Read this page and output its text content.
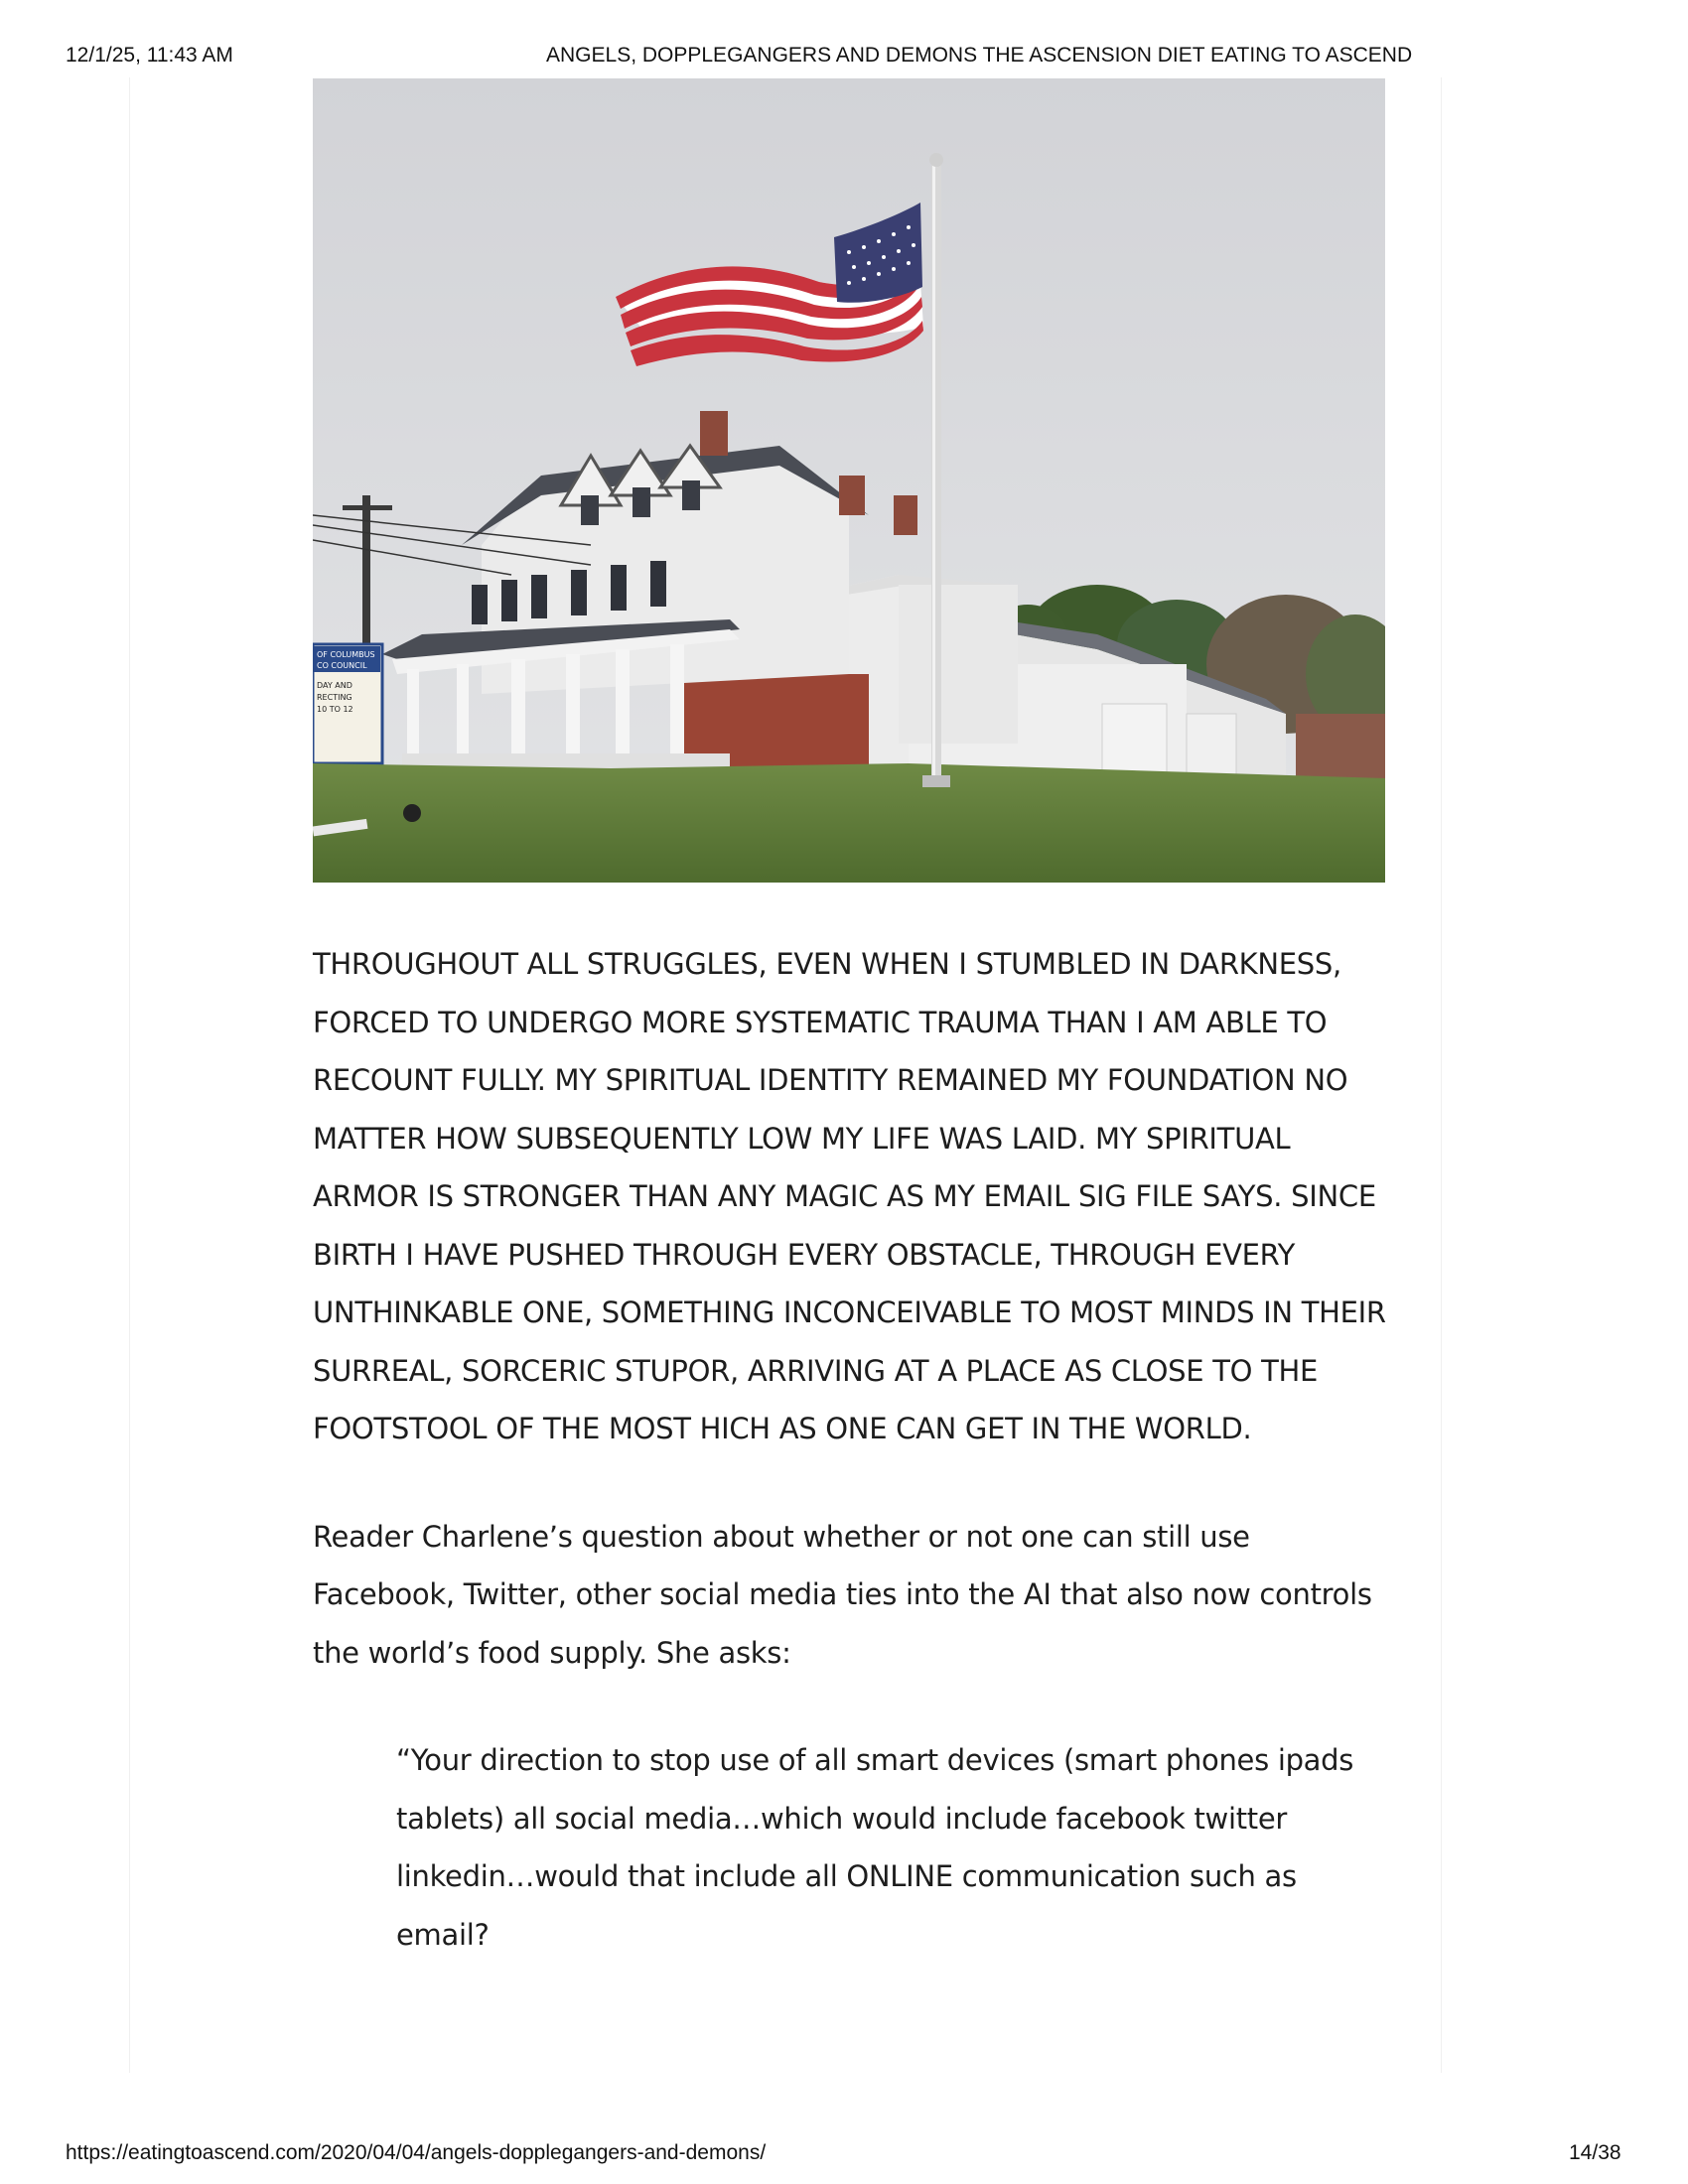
12/1/25, 11:43 AM	ANGELS, DOPPLEGANGERS AND DEMONS THE ASCENSION DIET EATING TO ASCEND
OF COLUMBUS
CO COUNCIL
DAY AND
RECTING
10 TO 12

THROUGHOUT ALL STRUGGLES, EVEN WHEN I STUMBLED IN DARKNESS, FORCED TO UNDERGO MORE SYSTEMATIC TRAUMA THAN I AM ABLE TO RECOUNT FULLY. MY SPIRITUAL IDENTITY REMAINED MY FOUNDATION NO MATTER HOW SUBSEQUENTLY LOW MY LIFE WAS LAID. MY SPIRITUAL ARMOR IS STRONGER THAN ANY MAGIC AS MY EMAIL SIG FILE SAYS. SINCE BIRTH I HAVE PUSHED THROUGH EVERY OBSTACLE, THROUGH EVERY UNTHINKABLE ONE, SOMETHING INCONCEIVABLE TO MOST MINDS IN THEIR SURREAL, SORCERIC STUPOR, ARRIVING AT A PLACE AS CLOSE TO THE FOOTSTOOL OF THE MOST HICH AS ONE CAN GET IN THE WORLD.

Reader Charlene’s question about whether or not one can still use Facebook, Twitter, other social media ties into the AI that also now controls the world’s food supply. She asks:

“Your direction to stop use of all smart devices (smart phones ipads tablets) all social media…which would include facebook twitter linkedin…would that include all ONLINE communication such as email?

https://eatingtoascend.com/2020/04/04/angels-dopplegangers-and-demons/	14/38
